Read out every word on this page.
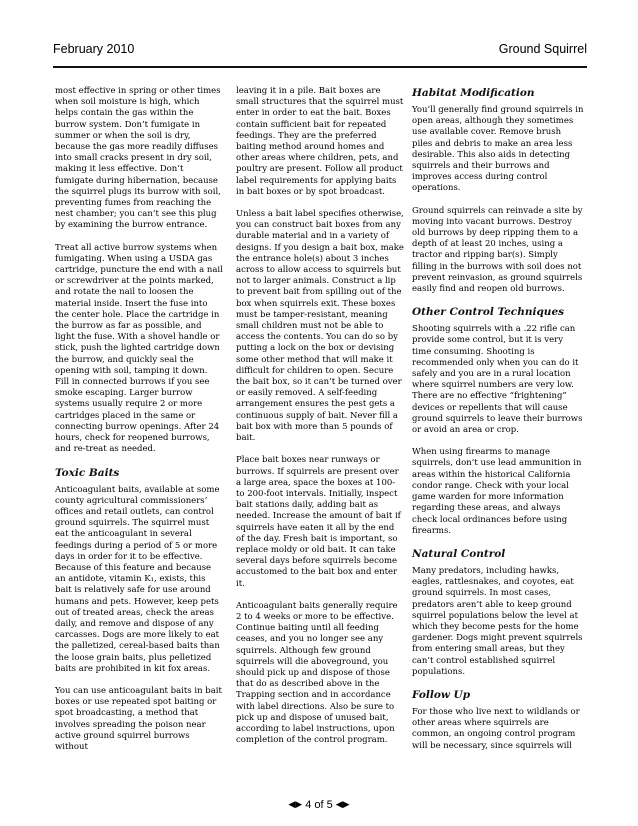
February 2010	Ground Squirrel

most effective in spring or other times when soil moisture is high, which helps contain the gas within the burrow system. Don’t fumigate in summer or when the soil is dry, because the gas more readily diffuses into small cracks present in dry soil, making it less effective. Don’t fumigate during hibernation, because the squirrel plugs its burrow with soil, preventing fumes from reaching the nest chamber; you can’t see this plug by examining the burrow entrance.

Treat all active burrow systems when fumigating. When using a USDA gas cartridge, puncture the end with a nail or screwdriver at the points marked, and rotate the nail to loosen the material inside. Insert the fuse into the center hole. Place the cartridge in the burrow as far as possible, and light the fuse. With a shovel handle or stick, push the lighted cartridge down the burrow, and quickly seal the opening with soil, tamping it down. Fill in connected burrows if you see smoke escaping. Larger burrow systems usually require 2 or more cartridges placed in the same or connecting burrow openings. After 24 hours, check for reopened burrows, and re-treat as needed.

Toxic Baits

Anticoagulant baits, available at some county agricultural commissioners’ offices and retail outlets, can control ground squirrels. The squirrel must eat the anticoagulant in several feedings during a period of 5 or more days in order for it to be effective. Because of this feature and because an antidote, vitamin K₁, exists, this bait is relatively safe for use around humans and pets. However, keep pets out of treated areas, check the areas daily, and remove and dispose of any carcasses. Dogs are more likely to eat the palletized, cereal-based baits than the loose grain baits, plus pelletized baits are prohibited in kit fox areas.

You can use anticoagulant baits in bait boxes or use repeated spot baiting or spot broadcasting, a method that involves spreading the poison near active ground squirrel burrows without

leaving it in a pile. Bait boxes are small structures that the squirrel must enter in order to eat the bait. Boxes contain sufficient bait for repeated feedings. They are the preferred baiting method around homes and other areas where children, pets, and poultry are present. Follow all product label requirements for applying baits in bait boxes or by spot broadcast.

Unless a bait label specifies otherwise, you can construct bait boxes from any durable material and in a variety of designs. If you design a bait box, make the entrance hole(s) about 3 inches across to allow access to squirrels but not to larger animals. Construct a lip to prevent bait from spilling out of the box when squirrels exit. These boxes must be tamper-resistant, meaning small children must not be able to access the contents. You can do so by putting a lock on the box or devising some other method that will make it difficult for children to open. Secure the bait box, so it can’t be turned over or easily removed. A self-feeding arrangement ensures the pest gets a continuous supply of bait. Never fill a bait box with more than 5 pounds of bait.

Place bait boxes near runways or burrows. If squirrels are present over a large area, space the boxes at 100- to 200-foot intervals. Initially, inspect bait stations daily, adding bait as needed. Increase the amount of bait if squirrels have eaten it all by the end of the day. Fresh bait is important, so replace moldy or old bait. It can take several days before squirrels become accustomed to the bait box and enter it.

Anticoagulant baits generally require 2 to 4 weeks or more to be effective. Continue baiting until all feeding ceases, and you no longer see any squirrels. Although few ground squirrels will die aboveground, you should pick up and dispose of those that do as described above in the Trapping section and in accordance with label directions. Also be sure to pick up and dispose of unused bait, according to label instructions, upon completion of the control program.

Habitat Modification

You’ll generally find ground squirrels in open areas, although they sometimes use available cover. Remove brush piles and debris to make an area less desirable. This also aids in detecting squirrels and their burrows and improves access during control operations.

Ground squirrels can reinvade a site by moving into vacant burrows. Destroy old burrows by deep ripping them to a depth of at least 20 inches, using a tractor and ripping bar(s). Simply filling in the burrows with soil does not prevent reinvasion, as ground squirrels easily find and reopen old burrows.

Other Control Techniques

Shooting squirrels with a .22 rifle can provide some control, but it is very time consuming. Shooting is recommended only when you can do it safely and you are in a rural location where squirrel numbers are very low. There are no effective “frightening” devices or repellents that will cause ground squirrels to leave their burrows or avoid an area or crop.

When using firearms to manage squirrels, don’t use lead ammunition in areas within the historical California condor range. Check with your local game warden for more information regarding these areas, and always check local ordinances before using firearms.

Natural Control

Many predators, including hawks, eagles, rattlesnakes, and coyotes, eat ground squirrels. In most cases, predators aren’t able to keep ground squirrel populations below the level at which they become pests for the home gardener. Dogs might prevent squirrels from entering small areas, but they can’t control established squirrel populations.

Follow Up

For those who live next to wildlands or other areas where squirrels are common, an ongoing control program will be necessary, since squirrels will

◀▶ 4 of 5 ◀▶
